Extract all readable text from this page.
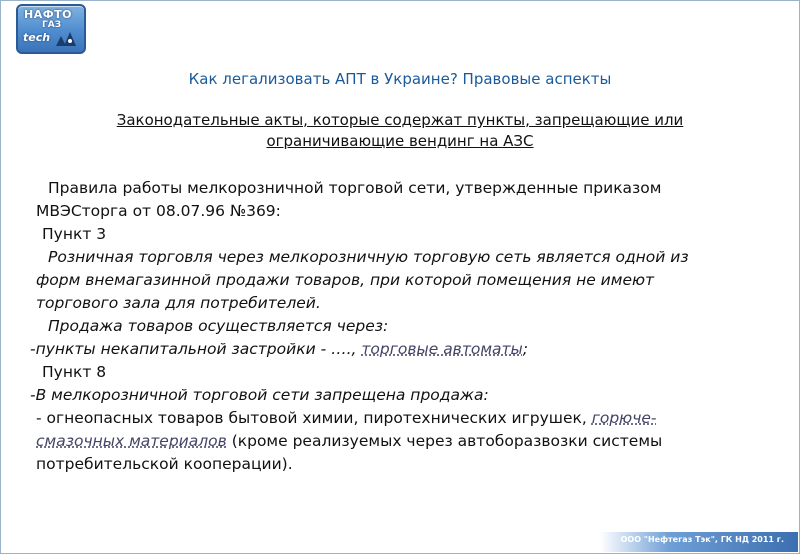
НАФТО
ГАЗ
tech
Как легализовать АПТ в Украине? Правовые аспекты
Законодательные акты, которые содержат пункты, запрещающие или ограничивающие вендинг на АЗС

Правила работы мелкорозничной торговой сети, утвержденные приказом

МВЭСторга от 08.07.96 №369:

Пункт 3

Розничная торговля через мелкорозничную торговую сеть является одной из

форм внемагазинной продажи товаров, при которой помещения не имеют

торгового зала для потребителей.

Продажа товаров осуществляется через:

-пункты некапитальной застройки - …., торговые автоматы;

Пункт 8

-В мелкорозничной торговой сети запрещена продажа:

- огнеопасных товаров бытовой химии, пиротехнических игрушек, горюче-

смазочных материалов (кроме реализуемых через автоборазвозки системы

потребительской кооперации).

ООО "Нефтегаз Тэк", ГК НД 2011 г.
